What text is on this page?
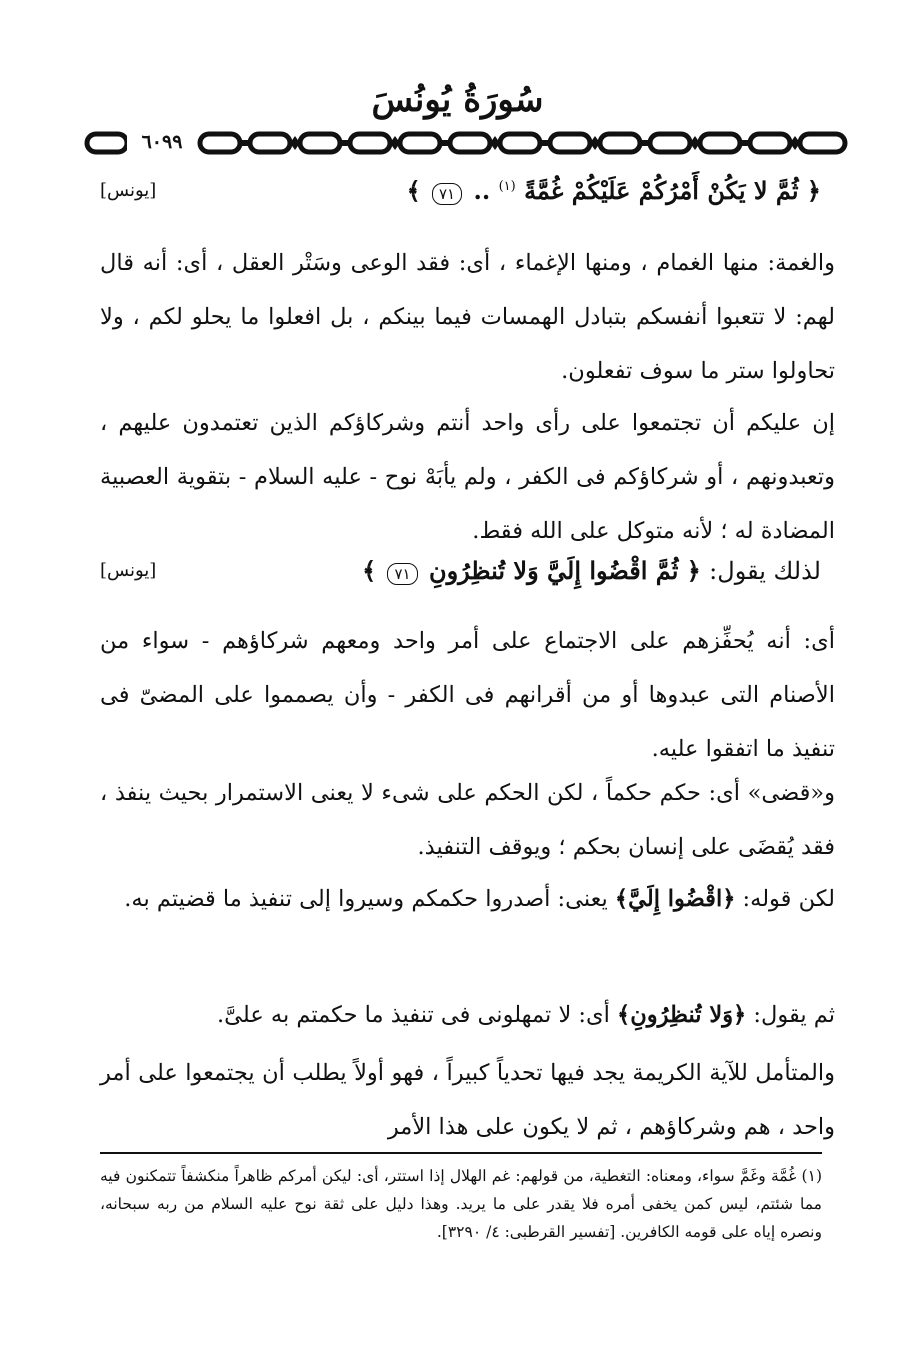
سُورَةُ يُونُسَ
٦٠٩٩
﴿ ثُمَّ لا يَكُنْ أَمْرُكُمْ عَلَيْكُمْ غُمَّةً $^{(١)}$ .. ٧١ ﴾
[يونس]
والغمة: منها الغمام ، ومنها الإغماء ، أى: فقد الوعى وسَتْر العقل ، أى: أنه قال لهم: لا تتعبوا أنفسكم بتبادل الهمسات فيما بينكم ، بل افعلوا ما يحلو لكم ، ولا تحاولوا ستر ما سوف تفعلون.
إن عليكم أن تجتمعوا على رأى واحد أنتم وشركاؤكم الذين تعتمدون عليهم ، وتعبدونهم ، أو شركاؤكم فى الكفر ، ولم يأبَهْ نوح - عليه السلام - بتقوية العصبية المضادة له ؛ لأنه متوكل على الله فقط.
لذلك يقول: ﴿ ثُمَّ اقْضُوا إِلَيَّ وَلا تُنظِرُونِ ٧١ ﴾
[يونس]
أى: أنه يُحفِّزهم على الاجتماع على أمر واحد ومعهم شركاؤهم - سواء من الأصنام التى عبدوها أو من أقرانهم فى الكفر - وأن يصمموا على المضىّ فى تنفيذ ما اتفقوا عليه.
و«قضى» أى: حكم حكماً ، لكن الحكم على شىء لا يعنى الاستمرار بحيث ينفذ ، فقد يُقضَى على إنسان بحكم ؛ ويوقف التنفيذ.
لكن قوله: ﴿اقْضُوا إِلَيَّ﴾ يعنى: أصدروا حكمكم وسيروا إلى تنفيذ ما قضيتم به.
ثم يقول: ﴿وَلا تُنظِرُونِ﴾ أى: لا تمهلونى فى تنفيذ ما حكمتم به علىَّ.
والمتأمل للآية الكريمة يجد فيها تحدياً كبيراً ، فهو أولاً يطلب أن يجتمعوا على أمر واحد ، هم وشركاؤهم ، ثم لا يكون على هذا الأمر
(١) غُمَّة وغَمَّ سواء، ومعناه: التغطية، من قولهم: غم الهلال إذا استتر، أى: ليكن أمركم ظاهراً منكشفاً تتمكنون فيه مما شئتم، ليس كمن يخفى أمره فلا يقدر على ما يريد. وهذا دليل على ثقة نوح عليه السلام من ربه سبحانه، ونصره إياه على قومه الكافرين. [تفسير القرطبى: ٤/ ٣٢٩٠].
